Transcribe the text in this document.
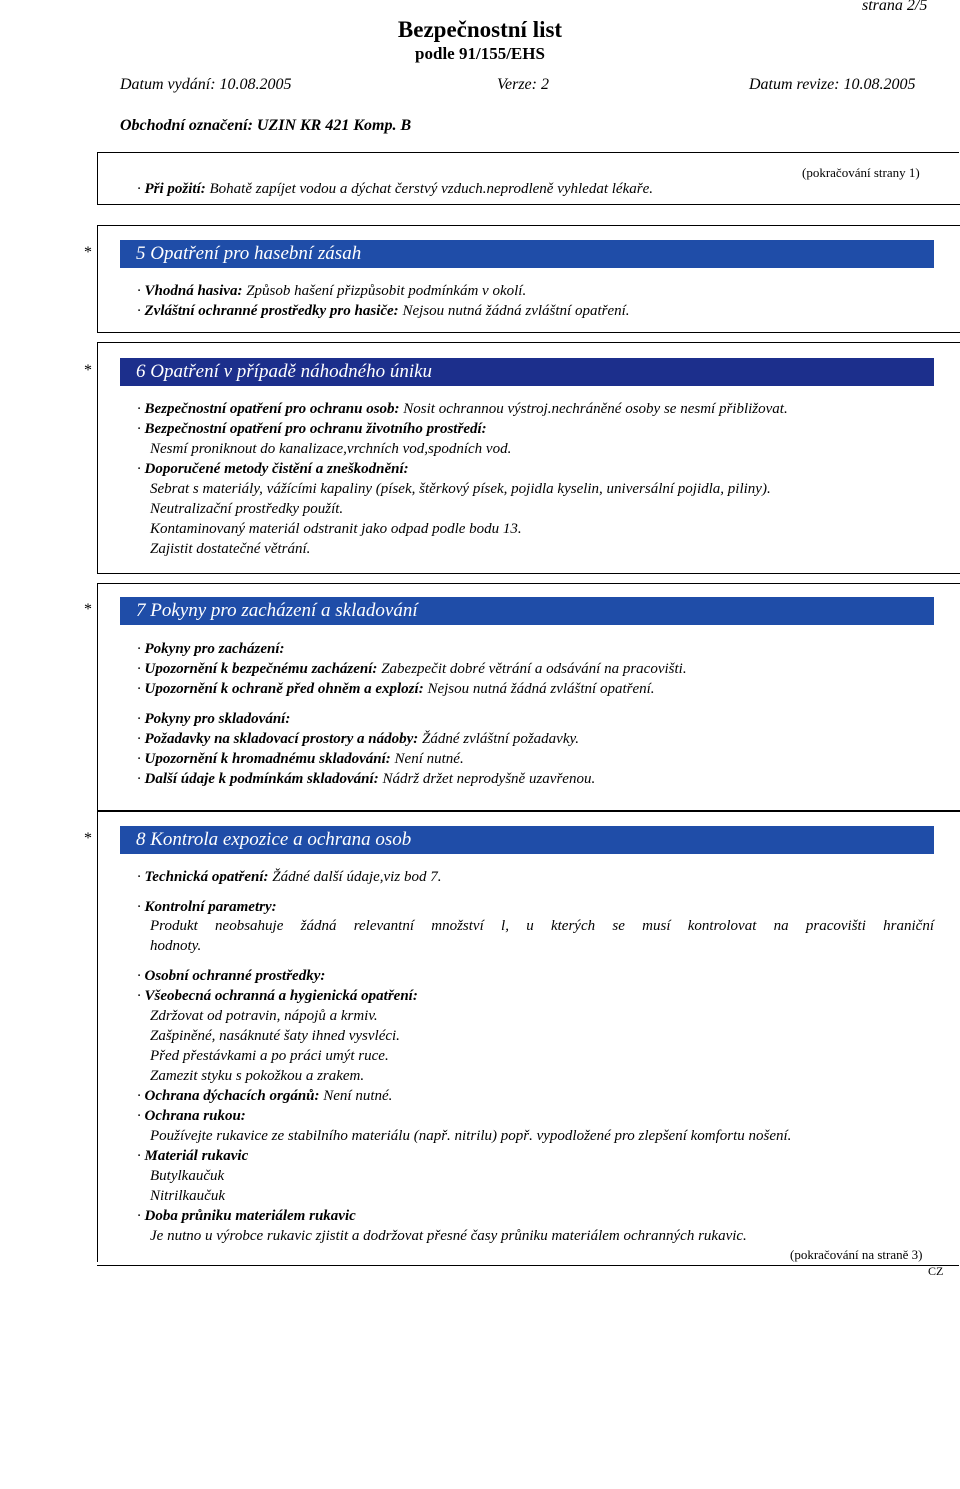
strana 2/5
Bezpečnostní list
podle 91/155/EHS
Datum vydání: 10.08.2005	Verze: 2	Datum revize: 10.08.2005
Obchodní označení: UZIN KR 421 Komp. B
(pokračování strany 1)
· Při požití: Bohatě zapíjet vodou a dýchat čerstvý vzduch.neprodleně vyhledat lékaře.
*	5 Opatření pro hasební zásah
· Vhodná hasiva: Způsob hašení přizpůsobit podmínkám v okolí.
· Zvláštní ochranné prostředky pro hasiče: Nejsou nutná žádná zvláštní opatření.
*	6 Opatření v případě náhodného úniku
· Bezpečnostní opatření pro ochranu osob: Nosit ochrannou výstroj.nechráněné osoby se nesmí přibližovat.
· Bezpečnostní opatření pro ochranu životního prostředí:
Nesmí proniknout do kanalizace,vrchních vod,spodních vod.
· Doporučené metody čistění a zneškodnění:
Sebrat s materiály, vážícími kapaliny (písek, štěrkový písek, pojidla kyselin, universální pojidla, piliny).
Neutralizační prostředky použít.
Kontaminovaný materiál odstranit jako odpad podle bodu 13.
Zajistit dostatečné větrání.
*	7 Pokyny pro zacházení a skladování
· Pokyny pro zacházení:
· Upozornění k bezpečnému zacházení: Zabezpečit dobré větrání a odsávání na pracovišti.
· Upozornění k ochraně před ohněm a explozí: Nejsou nutná žádná zvláštní opatření.
· Pokyny pro skladování:
· Požadavky na skladovací prostory a nádoby: Žádné zvláštní požadavky.
· Upozornění k hromadnému skladování: Není nutné.
· Další údaje k podmínkám skladování: Nádrž držet neprodyšně uzavřenou.
*	8 Kontrola expozice a ochrana osob
· Technická opatření: Žádné další údaje,viz bod 7.
· Kontrolní parametry:
Produkt neobsahuje žádná relevantní množství l, u kterých se musí kontrolovat na pracovišti hraniční
hodnoty.
· Osobní ochranné prostředky:
· Všeobecná ochranná a hygienická opatření:
Zdržovat od potravin, nápojů a krmiv.
Zašpiněné, nasáknuté šaty ihned vysvléci.
Před přestávkami a po práci umýt ruce.
Zamezit styku s pokožkou a zrakem.
· Ochrana dýchacích orgánů: Není nutné.
· Ochrana rukou:
Používejte rukavice ze stabilního materiálu (např. nitrilu) popř. vypodložené pro zlepšení komfortu nošení.
· Materiál rukavic
Butylkaučuk
Nitrilkaučuk
· Doba průniku materiálem rukavic
Je nutno u výrobce rukavic zjistit a dodržovat přesné časy průniku materiálem ochranných rukavic.
(pokračování na straně 3)
CZ
